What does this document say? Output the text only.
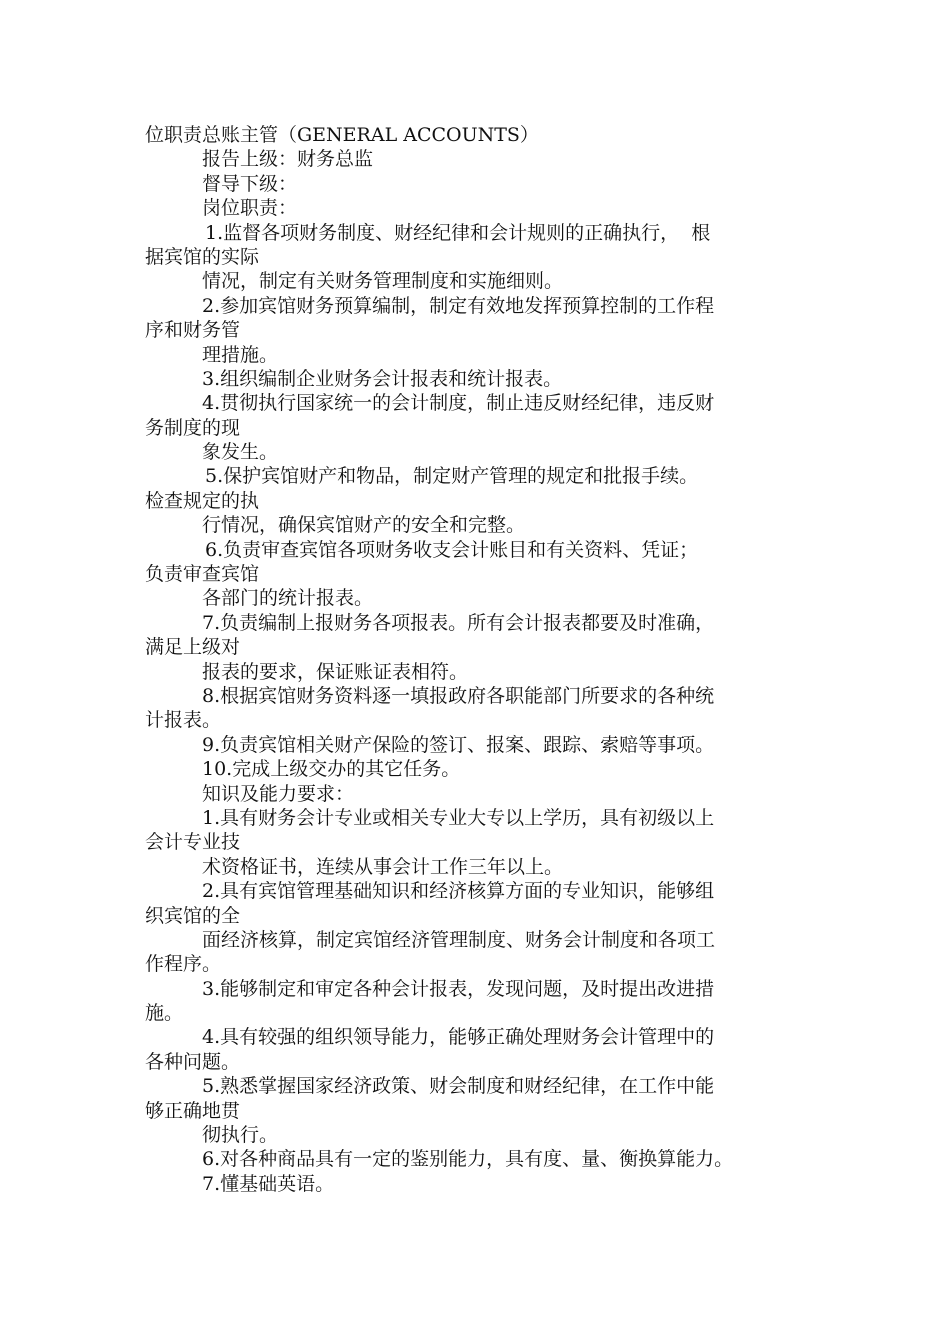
位职责总账主管（GENERAL ACCOUNTS）
报告上级：财务总监
督导下级：
岗位职责：
1.监督各项财务制度、财经纪律和会计规则的正确执行，  根
据宾馆的实际
情况，制定有关财务管理制度和实施细则。
2.参加宾馆财务预算编制，制定有效地发挥预算控制的工作程
序和财务管
理措施。
3.组织编制企业财务会计报表和统计报表。
4.贯彻执行国家统一的会计制度，制止违反财经纪律，违反财
务制度的现
象发生。
5.保护宾馆财产和物品，制定财产管理的规定和批报手续。
检查规定的执
行情况，确保宾馆财产的安全和完整。
6.负责审查宾馆各项财务收支会计账目和有关资料、凭证；
负责审查宾馆
各部门的统计报表。
7.负责编制上报财务各项报表。所有会计报表都要及时准确，
满足上级对
报表的要求，保证账证表相符。
8.根据宾馆财务资料逐一填报政府各职能部门所要求的各种统
计报表。
9.负责宾馆相关财产保险的签订、报案、跟踪、索赔等事项。
10.完成上级交办的其它任务。
知识及能力要求：
1.具有财务会计专业或相关专业大专以上学历，具有初级以上
会计专业技
术资格证书，连续从事会计工作三年以上。
2.具有宾馆管理基础知识和经济核算方面的专业知识，能够组
织宾馆的全
面经济核算，制定宾馆经济管理制度、财务会计制度和各项工
作程序。
3.能够制定和审定各种会计报表，发现问题，及时提出改进措
施。
4.具有较强的组织领导能力，能够正确处理财务会计管理中的
各种问题。
5.熟悉掌握国家经济政策、财会制度和财经纪律，在工作中能
够正确地贯
彻执行。
6.对各种商品具有一定的鉴别能力，具有度、量、衡换算能力。
7.懂基础英语。
